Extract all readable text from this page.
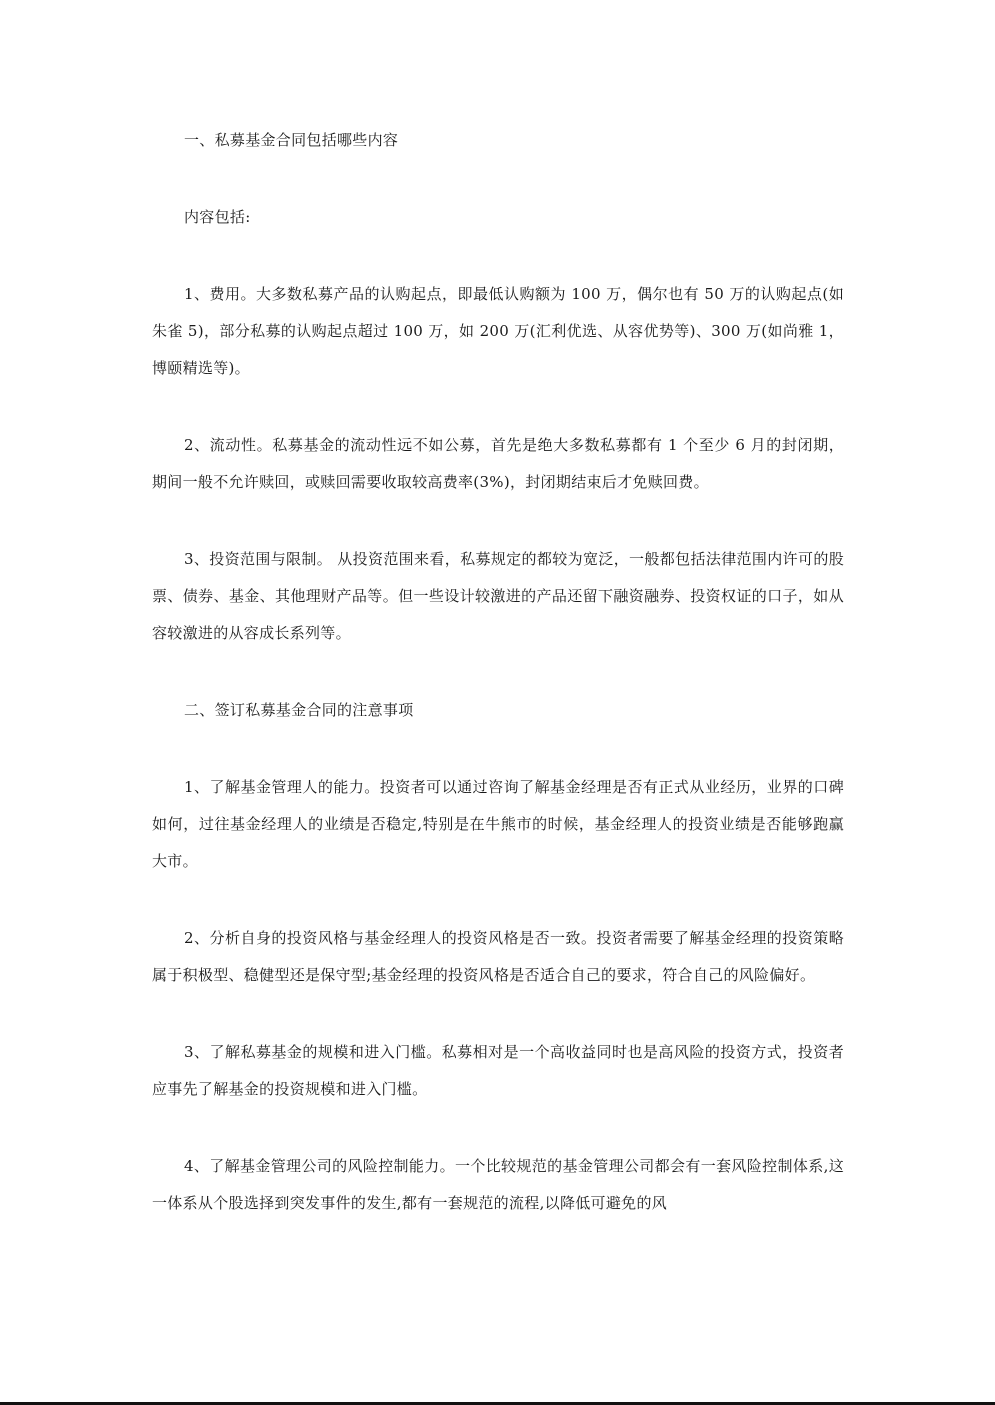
一、私募基金合同包括哪些内容

内容包括:

1、费用。大多数私募产品的认购起点，即最低认购额为 100 万，偶尔也有 50 万的认购起点(如朱雀 5)，部分私募的认购起点超过 100 万，如 200 万(汇利优选、从容优势等)、300 万(如尚雅 1，博颐精选等)。

2、流动性。私募基金的流动性远不如公募，首先是绝大多数私募都有 1 个至少 6 月的封闭期，期间一般不允许赎回，或赎回需要收取较高费率(3%)，封闭期结束后才免赎回费。

3、投资范围与限制。 从投资范围来看，私募规定的都较为宽泛，一般都包括法律范围内许可的股票、债券、基金、其他理财产品等。但一些设计较激进的产品还留下融资融券、投资权证的口子，如从容较激进的从容成长系列等。

二、签订私募基金合同的注意事项

1、了解基金管理人的能力。投资者可以通过咨询了解基金经理是否有正式从业经历，业界的口碑如何，过往基金经理人的业绩是否稳定,特别是在牛熊市的时候，基金经理人的投资业绩是否能够跑赢大市。

2、分析自身的投资风格与基金经理人的投资风格是否一致。投资者需要了解基金经理的投资策略属于积极型、稳健型还是保守型;基金经理的投资风格是否适合自己的要求，符合自己的风险偏好。

3、了解私募基金的规模和进入门槛。私募相对是一个高收益同时也是高风险的投资方式，投资者应事先了解基金的投资规模和进入门槛。

4、了解基金管理公司的风险控制能力。一个比较规范的基金管理公司都会有一套风险控制体系,这一体系从个股选择到突发事件的发生,都有一套规范的流程,以降低可避免的风
